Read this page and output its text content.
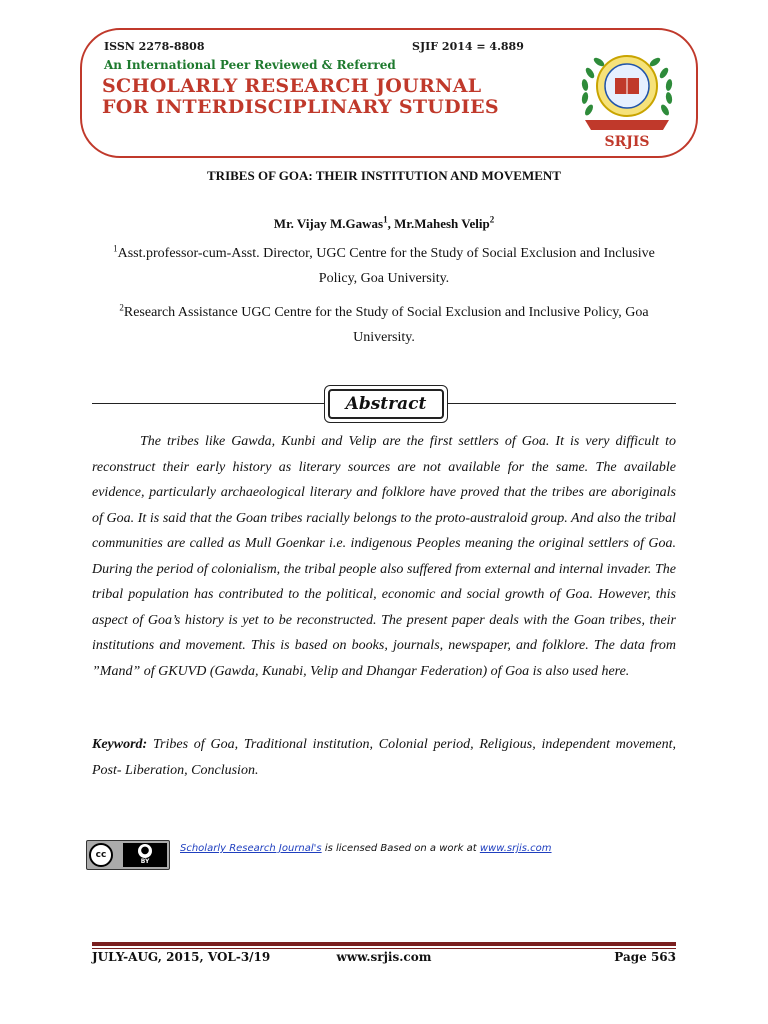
ISSN 2278-8808	SJIF 2014 = 4.889
An International Peer Reviewed & Referred
SCHOLARLY RESEARCH JOURNAL
FOR INTERDISCIPLINARY STUDIES
SRJIS
TRIBES OF GOA: THEIR INSTITUTION AND MOVEMENT
Mr. Vijay M.Gawas$^1$, Mr.Mahesh Velip$^2$
$^1$Asst.professor-cum-Asst. Director, UGC Centre for the Study of Social Exclusion and Inclusive Policy, Goa University.
$^2$Research Assistance UGC Centre for the Study of Social Exclusion and Inclusive Policy, Goa University.
Abstract

The tribes like Gawda, Kunbi and Velip are the first settlers of Goa. It is very difficult to reconstruct their early history as literary sources are not available for the same. The available evidence, particularly archaeological literary and folklore have proved that the tribes are aboriginals of Goa. It is said that the Goan tribes racially belongs to the proto-australoid group. And also the tribal communities are called as Mull Goenkar i.e. indigenous Peoples meaning the original settlers of Goa. During the period of colonialism, the tribal people also suffered from external and internal invader. The tribal population has contributed to the political, economic and social growth of Goa. However, this aspect of Goa’s history is yet to be reconstructed. The present paper deals with the Goan tribes, their institutions and movement. This is based on books, journals, newspaper, and folklore. The data from ”Mand” of GKUVD (Gawda, Kunabi, Velip and Dhangar Federation) of Goa is also used here.

Keyword: Tribes of Goa, Traditional institution, Colonial period, Religious, independent movement, Post- Liberation, Conclusion.

cc	●
BY
Scholarly Research Journal's is licensed Based on a work at www.srjis.com
JULY-AUG, 2015, VOL-3/19	www.srjis.com	Page 563
